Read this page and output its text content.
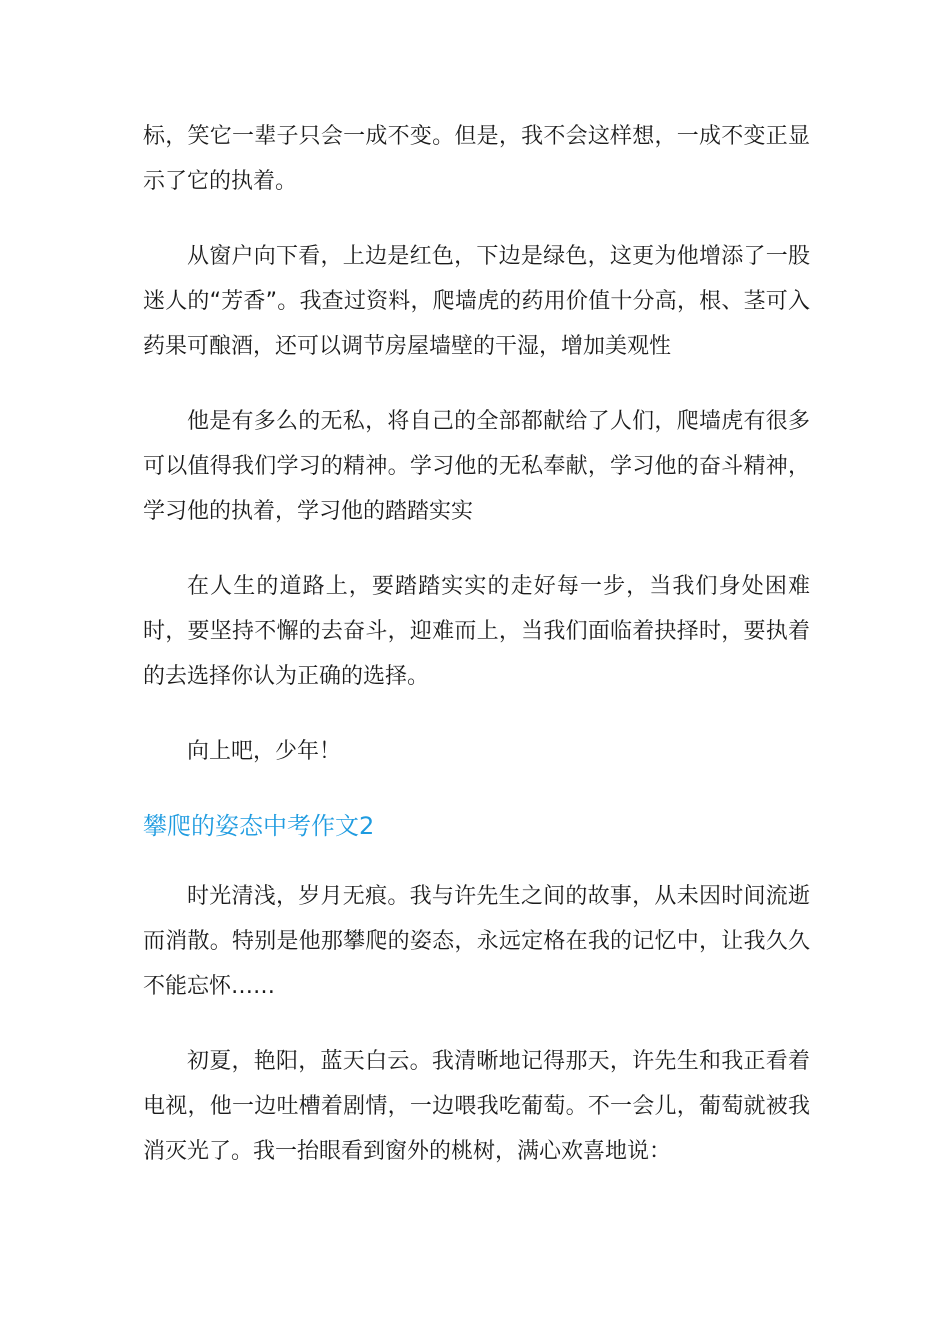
标，笑它一辈子只会一成不变。但是，我不会这样想，一成不变正显示了它的执着。

从窗户向下看，上边是红色，下边是绿色，这更为他增添了一股迷人的“芳香”。我查过资料，爬墙虎的药用价值十分高，根、茎可入药果可酿酒，还可以调节房屋墙壁的干湿，增加美观性

他是有多么的无私，将自己的全部都献给了人们，爬墙虎有很多可以值得我们学习的精神。学习他的无私奉献，学习他的奋斗精神，学习他的执着，学习他的踏踏实实

在人生的道路上，要踏踏实实的走好每一步，当我们身处困难时，要坚持不懈的去奋斗，迎难而上，当我们面临着抉择时，要执着的去选择你认为正确的选择。

向上吧，少年！

攀爬的姿态中考作文2

时光清浅，岁月无痕。我与许先生之间的故事，从未因时间流逝而消散。特别是他那攀爬的姿态，永远定格在我的记忆中，让我久久不能忘怀……

初夏，艳阳，蓝天白云。我清晰地记得那天，许先生和我正看着电视，他一边吐槽着剧情，一边喂我吃葡萄。不一会儿，葡萄就被我消灭光了。我一抬眼看到窗外的桃树，满心欢喜地说：
